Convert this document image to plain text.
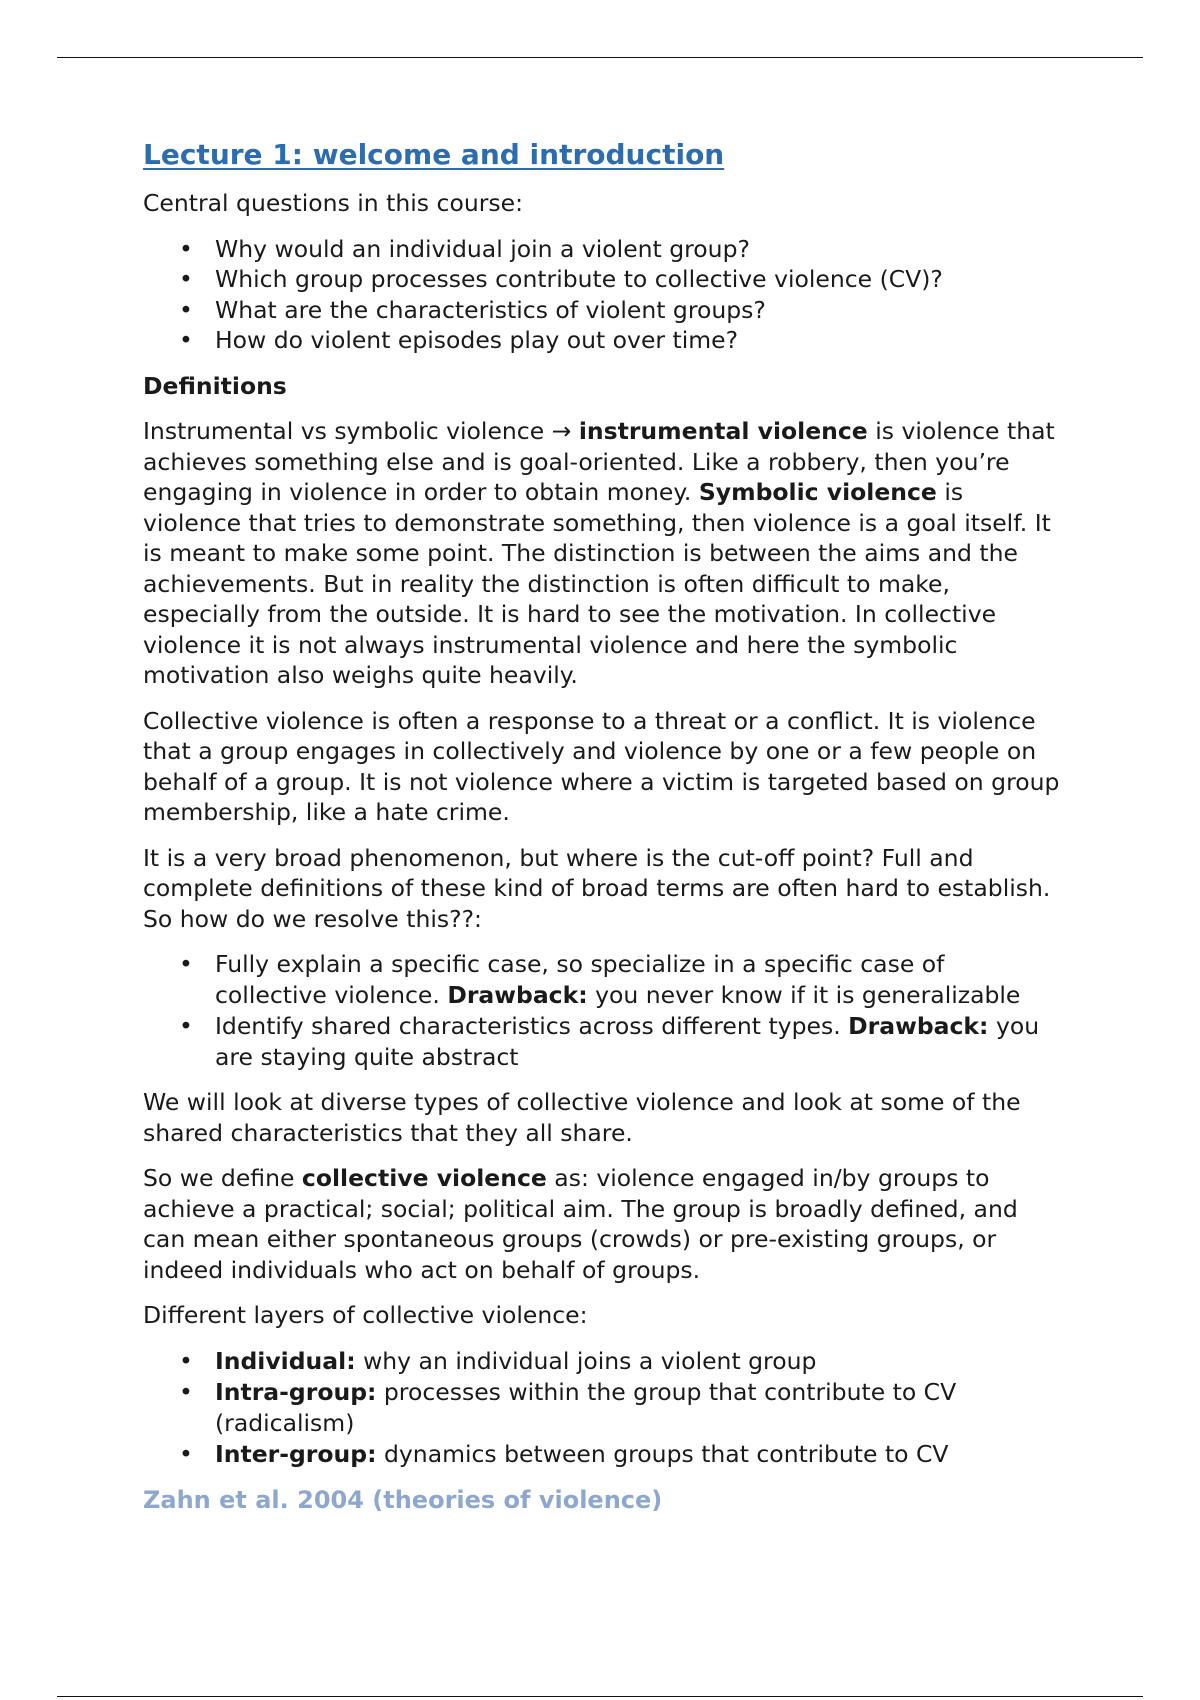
Lecture 1: welcome and introduction

Central questions in this course:

• Why would an individual join a violent group?
• Which group processes contribute to collective violence (CV)?
• What are the characteristics of violent groups?
• How do violent episodes play out over time?
Definitions

Instrumental vs symbolic violence → instrumental violence is violence that achieves something else and is goal-oriented. Like a robbery, then you’re engaging in violence in order to obtain money. Symbolic violence is violence that tries to demonstrate something, then violence is a goal itself. It is meant to make some point. The distinction is between the aims and the achievements. But in reality the distinction is often difficult to make, especially from the outside. It is hard to see the motivation. In collective violence it is not always instrumental violence and here the symbolic motivation also weighs quite heavily.

Collective violence is often a response to a threat or a conflict. It is violence that a group engages in collectively and violence by one or a few people on behalf of a group. It is not violence where a victim is targeted based on group membership, like a hate crime.

It is a very broad phenomenon, but where is the cut-off point? Full and complete definitions of these kind of broad terms are often hard to establish. So how do we resolve this??:

• Fully explain a specific case, so specialize in a specific case of collective violence. Drawback: you never know if it is generalizable
• Identify shared characteristics across different types. Drawback: you are staying quite abstract

We will look at diverse types of collective violence and look at some of the shared characteristics that they all share.

So we define collective violence as: violence engaged in/by groups to achieve a practical; social; political aim. The group is broadly defined, and can mean either spontaneous groups (crowds) or pre-existing groups, or indeed individuals who act on behalf of groups.

Different layers of collective violence:

• Individual: why an individual joins a violent group
• Intra-group: processes within the group that contribute to CV (radicalism)
• Inter-group: dynamics between groups that contribute to CV
Zahn et al. 2004 (theories of violence)
